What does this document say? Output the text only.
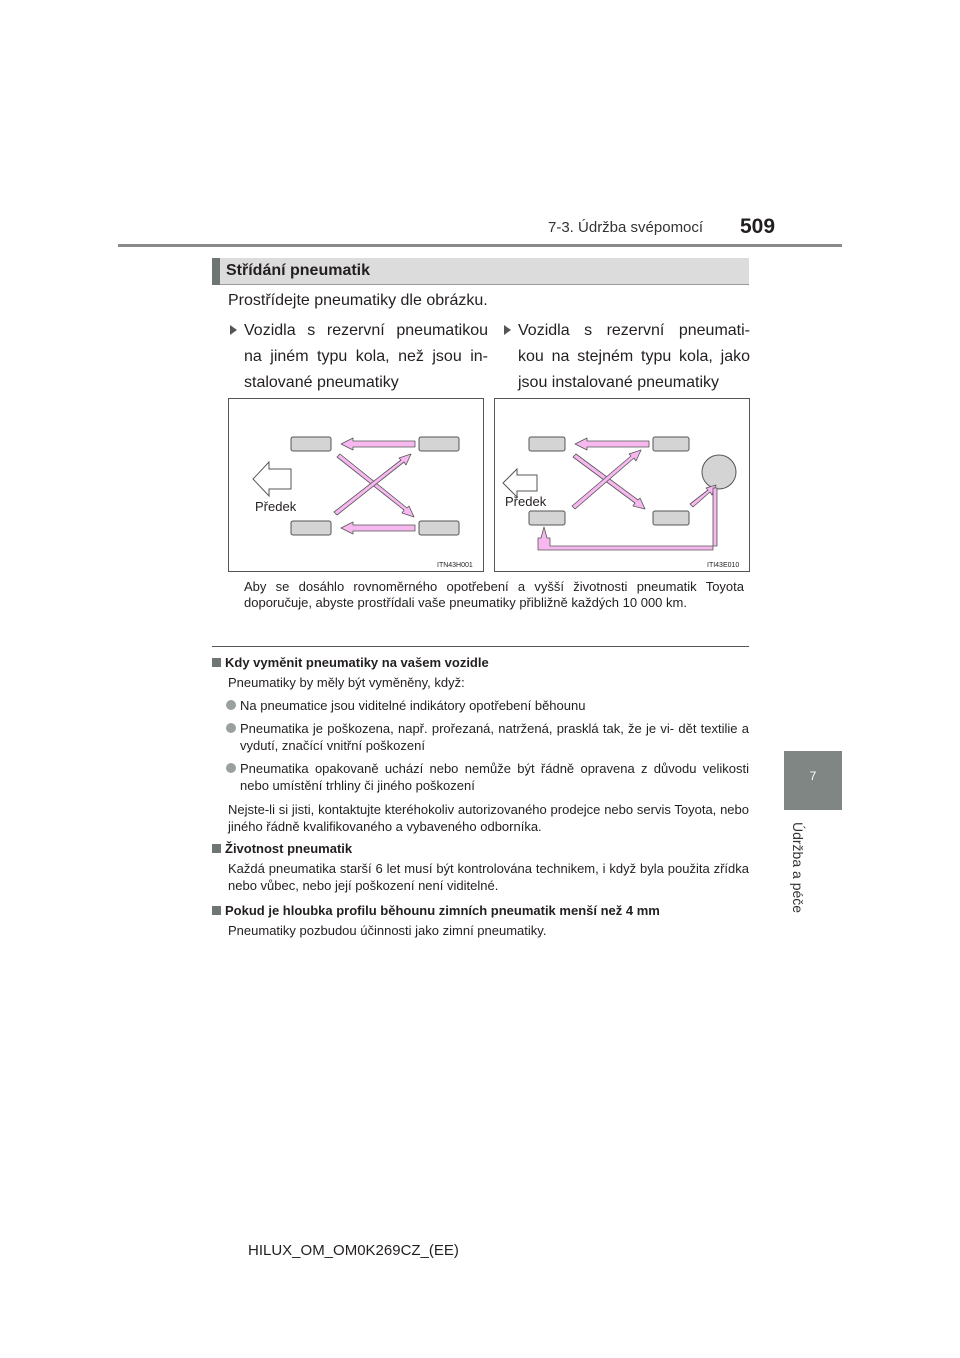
7-3. Údržba svépomocí 509
7
Údržba a péče
Střídání pneumatik
Prostřídejte pneumatiky dle obrázku.
Vozidla s rezervní pneumatikou na jiném typu kola, než jsou in- stalované pneumatiky
Vozidla s rezervní pneumati- kou na stejném typu kola, jako jsou instalované pneumatiky
Předek
ITN43H001
Předek
ITI43E010
Aby se dosáhlo rovnoměrného opotřebení a vyšší životnosti pneumatik Toyota doporučuje, abyste prostřídali vaše pneumatiky přibližně každých 10 000 km.
Kdy vyměnit pneumatiky na vašem vozidle
Pneumatiky by měly být vyměněny, když:
Na pneumatice jsou viditelné indikátory opotřebení běhounu
Pneumatika je poškozena, např. prořezaná, natržená, prasklá tak, že je vi- dět textilie a vydutí, značící vnitřní poškození
Pneumatika opakovaně uchází nebo nemůže být řádně opravena z důvodu velikosti nebo umístění trhliny či jiného poškození
Nejste-li si jisti, kontaktujte kteréhokoliv autorizovaného prodejce nebo servis Toyota, nebo jiného řádně kvalifikovaného a vybaveného odborníka.
Životnost pneumatik
Každá pneumatika starší 6 let musí být kontrolována technikem, i když byla použita zřídka nebo vůbec, nebo její poškození není viditelné.
Pokud je hloubka profilu běhounu zimních pneumatik menší než 4 mm
Pneumatiky pozbudou účinnosti jako zimní pneumatiky.
HILUX_OM_OM0K269CZ_(EE)
